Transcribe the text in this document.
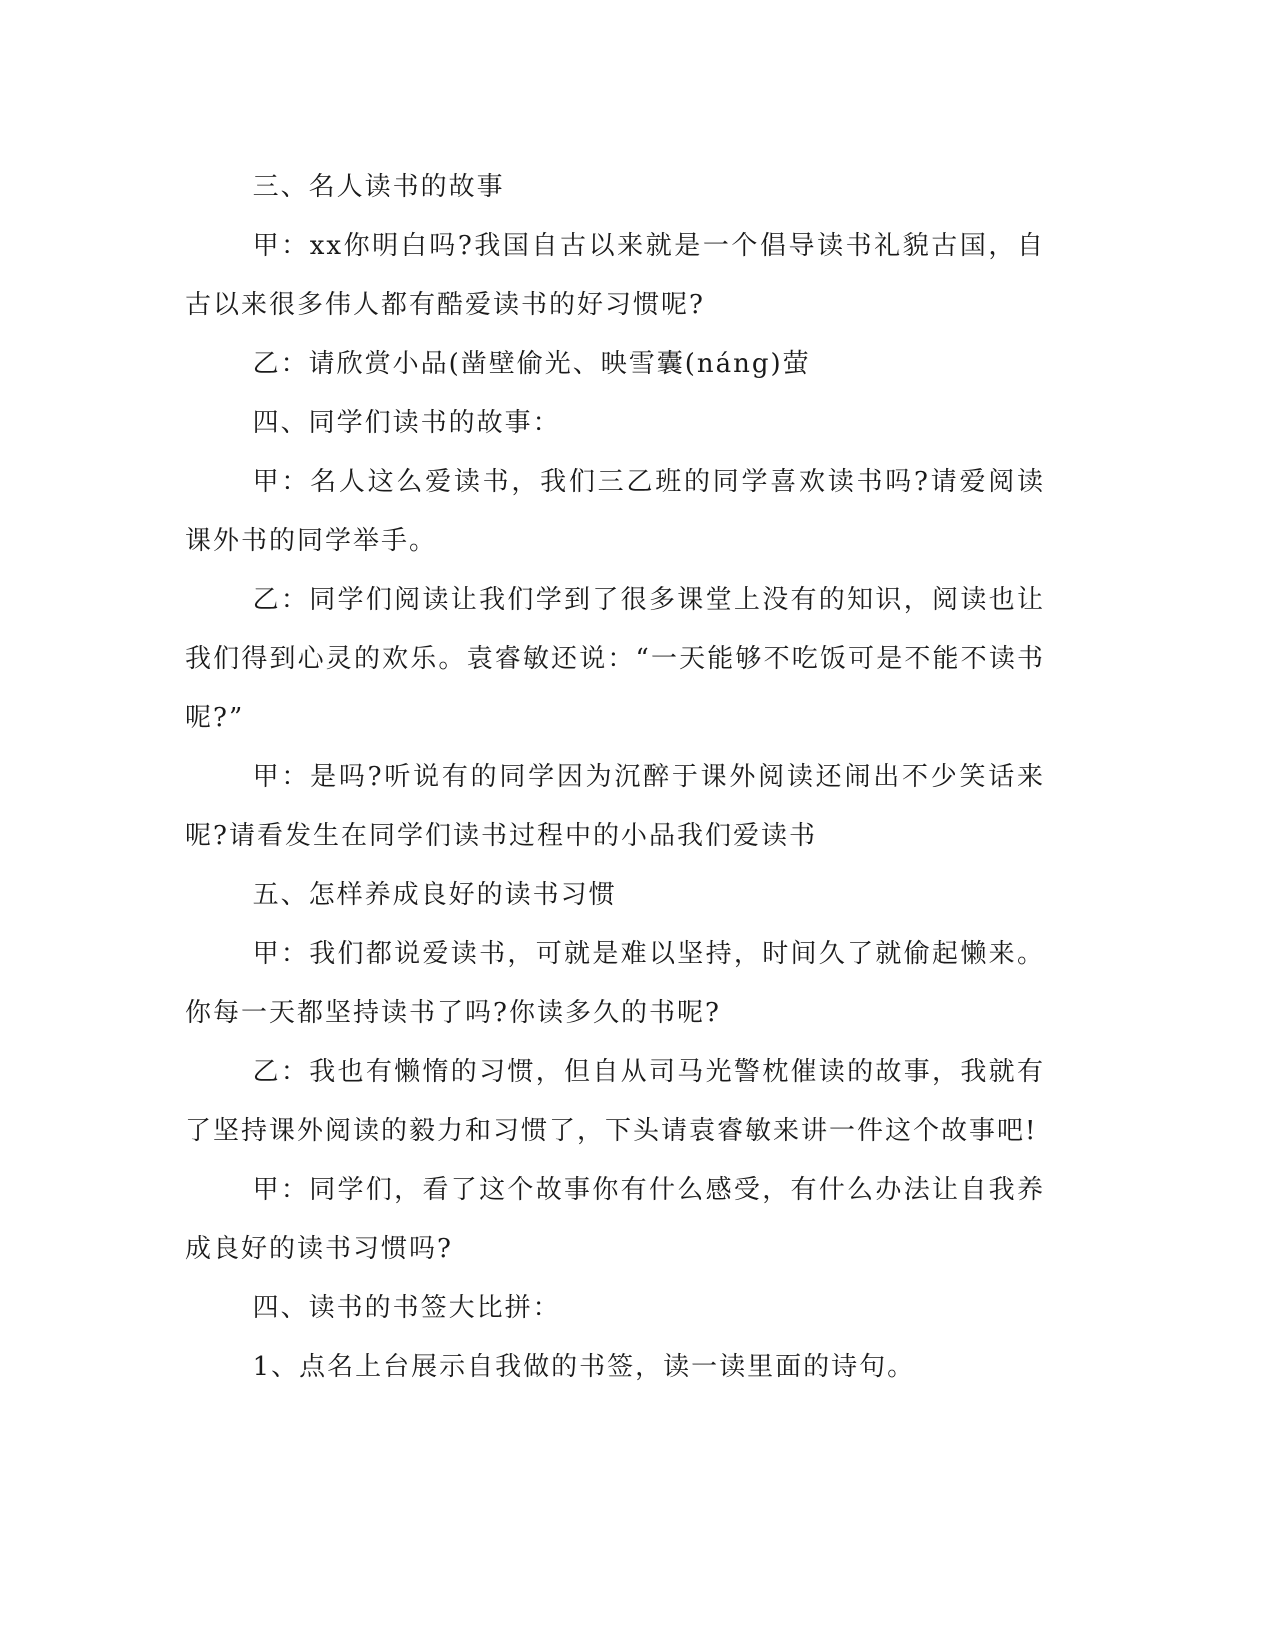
三、名人读书的故事

甲：xx你明白吗?我国自古以来就是一个倡导读书礼貌古国，自古以来很多伟人都有酷爱读书的好习惯呢?

乙：请欣赏小品(凿壁偷光、映雪囊(náng)萤

四、同学们读书的故事：

甲：名人这么爱读书，我们三乙班的同学喜欢读书吗?请爱阅读课外书的同学举手。

乙：同学们阅读让我们学到了很多课堂上没有的知识，阅读也让我们得到心灵的欢乐。袁睿敏还说：“一天能够不吃饭可是不能不读书呢?”

甲：是吗?听说有的同学因为沉醉于课外阅读还闹出不少笑话来呢?请看发生在同学们读书过程中的小品我们爱读书

五、怎样养成良好的读书习惯

甲：我们都说爱读书，可就是难以坚持，时间久了就偷起懒来。你每一天都坚持读书了吗?你读多久的书呢?

乙：我也有懒惰的习惯，但自从司马光警枕催读的故事，我就有了坚持课外阅读的毅力和习惯了，下头请袁睿敏来讲一件这个故事吧!

甲：同学们，看了这个故事你有什么感受，有什么办法让自我养成良好的读书习惯吗?

四、读书的书签大比拼：

1、点名上台展示自我做的书签，读一读里面的诗句。
